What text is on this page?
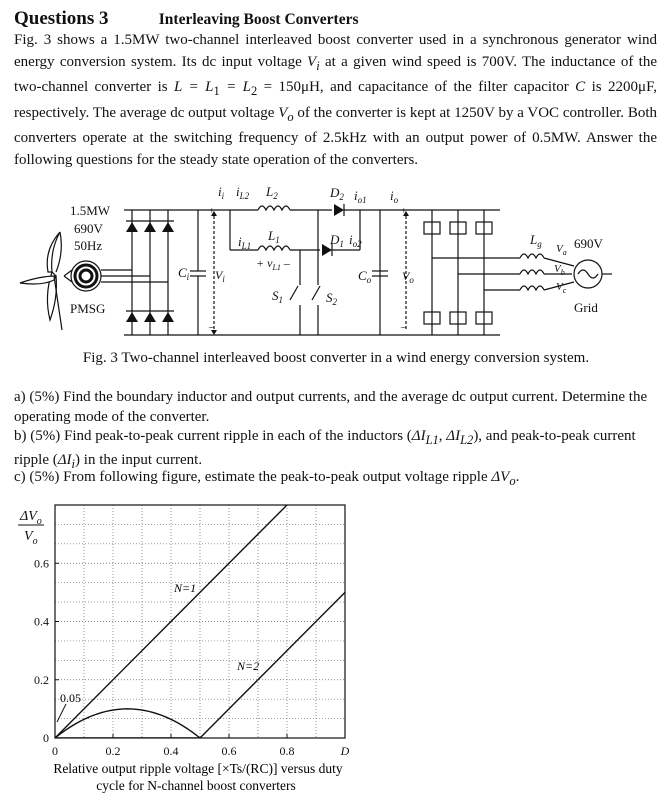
Questions 3	Interleaving Boost Converters
Fig. 3 shows a 1.5MW two-channel interleaved boost converter used in a synchronous generator wind energy conversion system. Its dc input voltage $V_i$ at a given wind speed is 700V. The inductance of the two-channel converter is $L = L_1 = L_2 = 150\mu H$, and capacitance of the filter capacitor C is 2200μF, respectively. The average dc output voltage $V_o$ of the converter is kept at 1250V by a VOC controller. Both converters operate at the switching frequency of 2.5kHz with an output power of 0.5MW. Answer the following questions for the steady state operation of the converters.
1.5MW
690V
50Hz
PMSG
$C_i$ $V_i$
$i_i$ $i_{L2}$ $L_2$
$i_{L1}$
$L_1$
+ $v_{L1}$ –
$S_1$	$S_2$
$D_2$ $i_{o1}$
$D_1$ $i_{o2}$
$i_o$
$C_o$	$V_o$
$L_g$ 690V
$V_a$
$V_b$
$V_c$
Grid
+	+
–	–
Fig. 3 Two-channel interleaved boost converter in a wind energy conversion system.
a) (5%) Find the boundary inductor and output currents, and the average dc output current. Determine the operating mode of the converter.
b) (5%) Find peak-to-peak current ripple in each of the inductors ($\Delta I_{L1}$, $\Delta I_{L2}$), and peak-to-peak current ripple $(\Delta I_i)$ in the input current.
c) (5%) From following figure, estimate the peak-to-peak output voltage ripple $\Delta V_o$.
0	0.2	0.4	0.6	0.8	D
0
0.2
0.4
0.6
$\Delta V_o$
$V_o$
Relative output ripple voltage [×Ts/(RC)] versus duty
cycle for N-channel boost converters
0.05
N=1
N=2
